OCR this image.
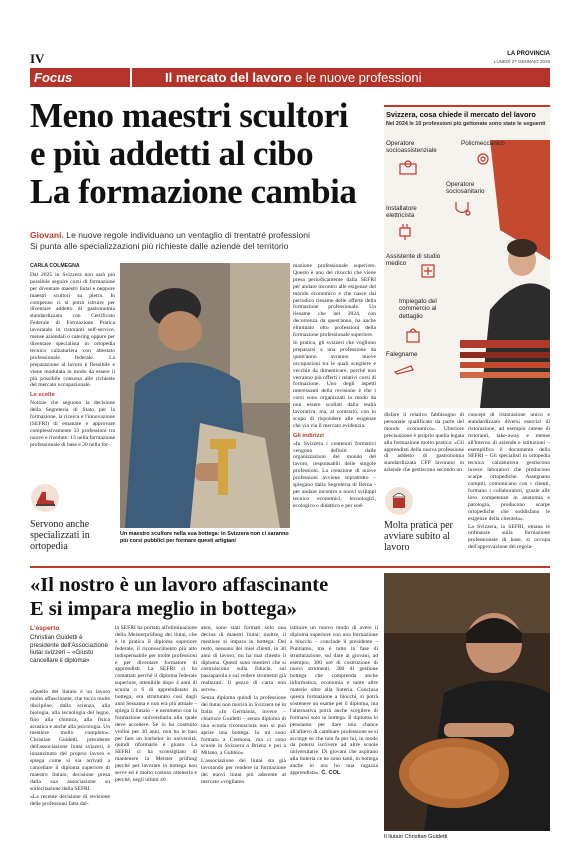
IV	LA PROVINCIA
LUNEDÌ 27 GENNAIO 2025
Focus	Il mercato del lavoro e le nuove professioni
Meno maestri scultori
e più addetti al cibo
La formazione cambia
Giovani. Le nuove regole individuano un ventaglio di trentatré professioni
Si punta alle specializzazioni più richieste dalle aziende del territorio
CARLA COLMEGNA

Dal 2025 in Svizzera non sarà più possibile seguire corsi di formazione per diventare maestri liutai e neppure maestri scultori su pietra. In compenso ci si potrà istruire per diventare addetto di gastronomia standardizzata con Certificato Federale di Formazione Pratica lavorando in ristoranti self-service, mense aziendali o catering oppure per diventare specialista in ortopedia tecnica calzaturiera con attestato professionale federale. La preparazione al lavoro è flessibile e viene modulata in modo da essere il più possibile consona alle richieste del mercato occupazionale.

Le scelte

Notizie che seguono la decisione della Segreteria di Stato per la formazione, la ricerca e l'innovazione (SEFRI) di emanare e approvare complessivamente 33 professioni tra nuove e rivedute: 13 nella formazione professionale di base e 20 nella for-

Servono anche specializzati in ortopedia
Un maestro scultore nella sua bottega: in Svizzera non ci saranno più corsi pubblici per formare questi artigiani

mazione professionale superiore. Questo è uno dei ritocchi che viene presa periodicamente dalla SEFRI per andare incontro alle esigenze del mondo economico e che nasce dal periodico riesame delle offerte della formazione professionale. Un riesame che nel 2024, con decorrenza da quest'anno, ha anche eliminato otto professioni della formazione professionale superiore.

In pratica, gli svizzeri che vogliono prepararsi a una professione da quest'anno avranno nuove occupazioni tra le quali scegliere e vecchie da dimenticare, perché non verranno più offerti i relativi corsi di formazione. Uno degli aspetti interessanti della revisione è che i corsi sono organizzati in modo da non essere scollati dalla realtà lavorativa, ma, al contrario, con lo scopo di rispondere alle esigenze che via via il mercato evidenzia.

Gli indirizzi

«In Svizzera i contenuti formativi vengono definiti dalle organizzazioni del mondo del lavoro, responsabili delle singole professioni. La creazione di nuove professioni avviene soprattutto – spiegano dalla Segreteria di Berna - per andare incontro a nuovi sviluppi tecnico economici, tecnologici, ecologico o didattico e per sod-

Svizzera, cosa chiede il mercato del lavoro
Nel 2024 le 10 professioni più gettonate sono state le seguenti
Operatore socioassistenziale
Policmeccanico
Operatore sociosanitario
Installatore elettricista
Assistente di studio medico
Impiegato del commercio al dettaglio
Falegname

disfare il relativo fabbisogno di personale qualificato da parte del mondo economico». Ulteriore precisazione è proprio quella legata alla formazione molto pratica: «Gli apprendisti della nuova professione di addetto di gastronomia standardizzata CFP lavorano in aziende che gestiscono secondo un

Molta pratica per avviare subito al lavoro

concept di ristorazione unico e standardizzato diversi esercizi di ristorazione, ad esempio catene di ristoranti, take-away e mense all'interno di aziende e istituzioni – esemplifica il documento della SEFRI – Gli specialisti in ortopedia tecnica calzaturiera gestiscono invece laboratori che producono scarpe ortopediche. Assegnano compiti, comunicano con i clienti, formano i collaboratori, grazie alle loro competenze in anatomia e patologia, producono scarpe ortopediche che soddisfano le esigenze della clientela».

La Svizzera, la SEFRI, emana le ordinanze sulla formazione professionale di base, si occupa dell'approvazione dei regola-

«Il nostro è un lavoro affascinante
E si impara meglio in bottega»
L'esperto
Christian Guidetti è presidente dell'Associazione liutai svizzeri – «Giusto cancellare il diploma»

«Quello del liutaio è un lavoro molto affascinante, che tocca molte discipline, dalla scienza, alla biologia, alla tecnologia del legno, fino alla chimica, alla fisica acustica e anche alla psicologia. Un mestiere molto completo». Christian Guidetti, presidente dell'associazione liutai svizzeri, è innanzitutto del proprio lavoro e spiega come si sia arrivati a cancellare il diploma superiore di maestro liutaio, decisione presa dalla sua associazione su sollecitazione della SEFRI.

«La recente decisione di revisione delle professioni fatta dal-

la SEFRI ha portato all'eliminazione della Meisterprüfung dei liutai, che è in pratica il diploma superiore federale, il riconoscimento più alto indispensabile per molte professioni e per diventare formatore di apprendisti. La SEFRI ci ha contattati perché il diploma federale superiore, ottenibile dopo 4 anni di scuola o 6 di apprendistato in bottega, era strutturato così dagli anni Sessanta e non era più attuale – spiega il liutaio – e nemmeno con la formazione universitaria alla quale deve accedere. Se io ho costruito violini per 30 anni, non ho le basi per fare un bachelor in università, quindi riformarlo è giusto. La SEFRI ci ha sconsigliato di mantenere la Meister prüfung perché per lavorare in bottega non serve ed è molto costoso ottenerla e perché, negli ultimi 40

anni, sono stati formati solo una decina di maestri liutai: inoltre, il mestiere si impara in bottega. Del resto, nessuno dei miei clienti, in 30 anni di lavoro, mi ha mai chiesto il diploma. Questi sono mestieri che si costruiscono sulla fiducia, sul passaparola e sul vedere strumenti già realizzati. Il pezzo di carta non serve».

Senza diploma quindi la professione dei liutai non morirà in Svizzera né in Italia «In Germania, invece – chiarisce Guidetti – senza diploma di una scuola riconosciuta non si può aprire una bottega. Io mi sono formato a Cremona, ma ci sono scuole in Svizzera a Brienz e poi a Milano, a Gubbio».

L'associazione dei liutai sta già lavorando per rendere la formazione dei nuovi liutai più aderente al mercato «vogliamo

istituire un nuovo modo di avere il diploma superiore con una formazione a blocchi – conclude il presidente – Puntiamo, ma è tutto in fase di strutturazione, sul dare ai giovani, ad esempio, 300 ore di costruzione di nuovi strumenti, 300 di gestione bottega che comprenda anche informatica, economia e tante altre materie oltre alla liuteria. Conclusa questa formazione a blocchi, si potrà sostenere un esame per il diploma, ma l'alternativa potrà anche scegliere di formarsi solo in bottega. Il diploma lo pensiamo per dare una chance all'allievo di cambiare professione se si accorge se che non fa per lui, in modo da potersi iscrivere ad altre scuole universitarie. Di giovani che aspirano alla liuteria ce ne sono tanti, in bottega anche io ora ho una ragazza apprendista». C. COL

Il liutaio Christian Guidetti
